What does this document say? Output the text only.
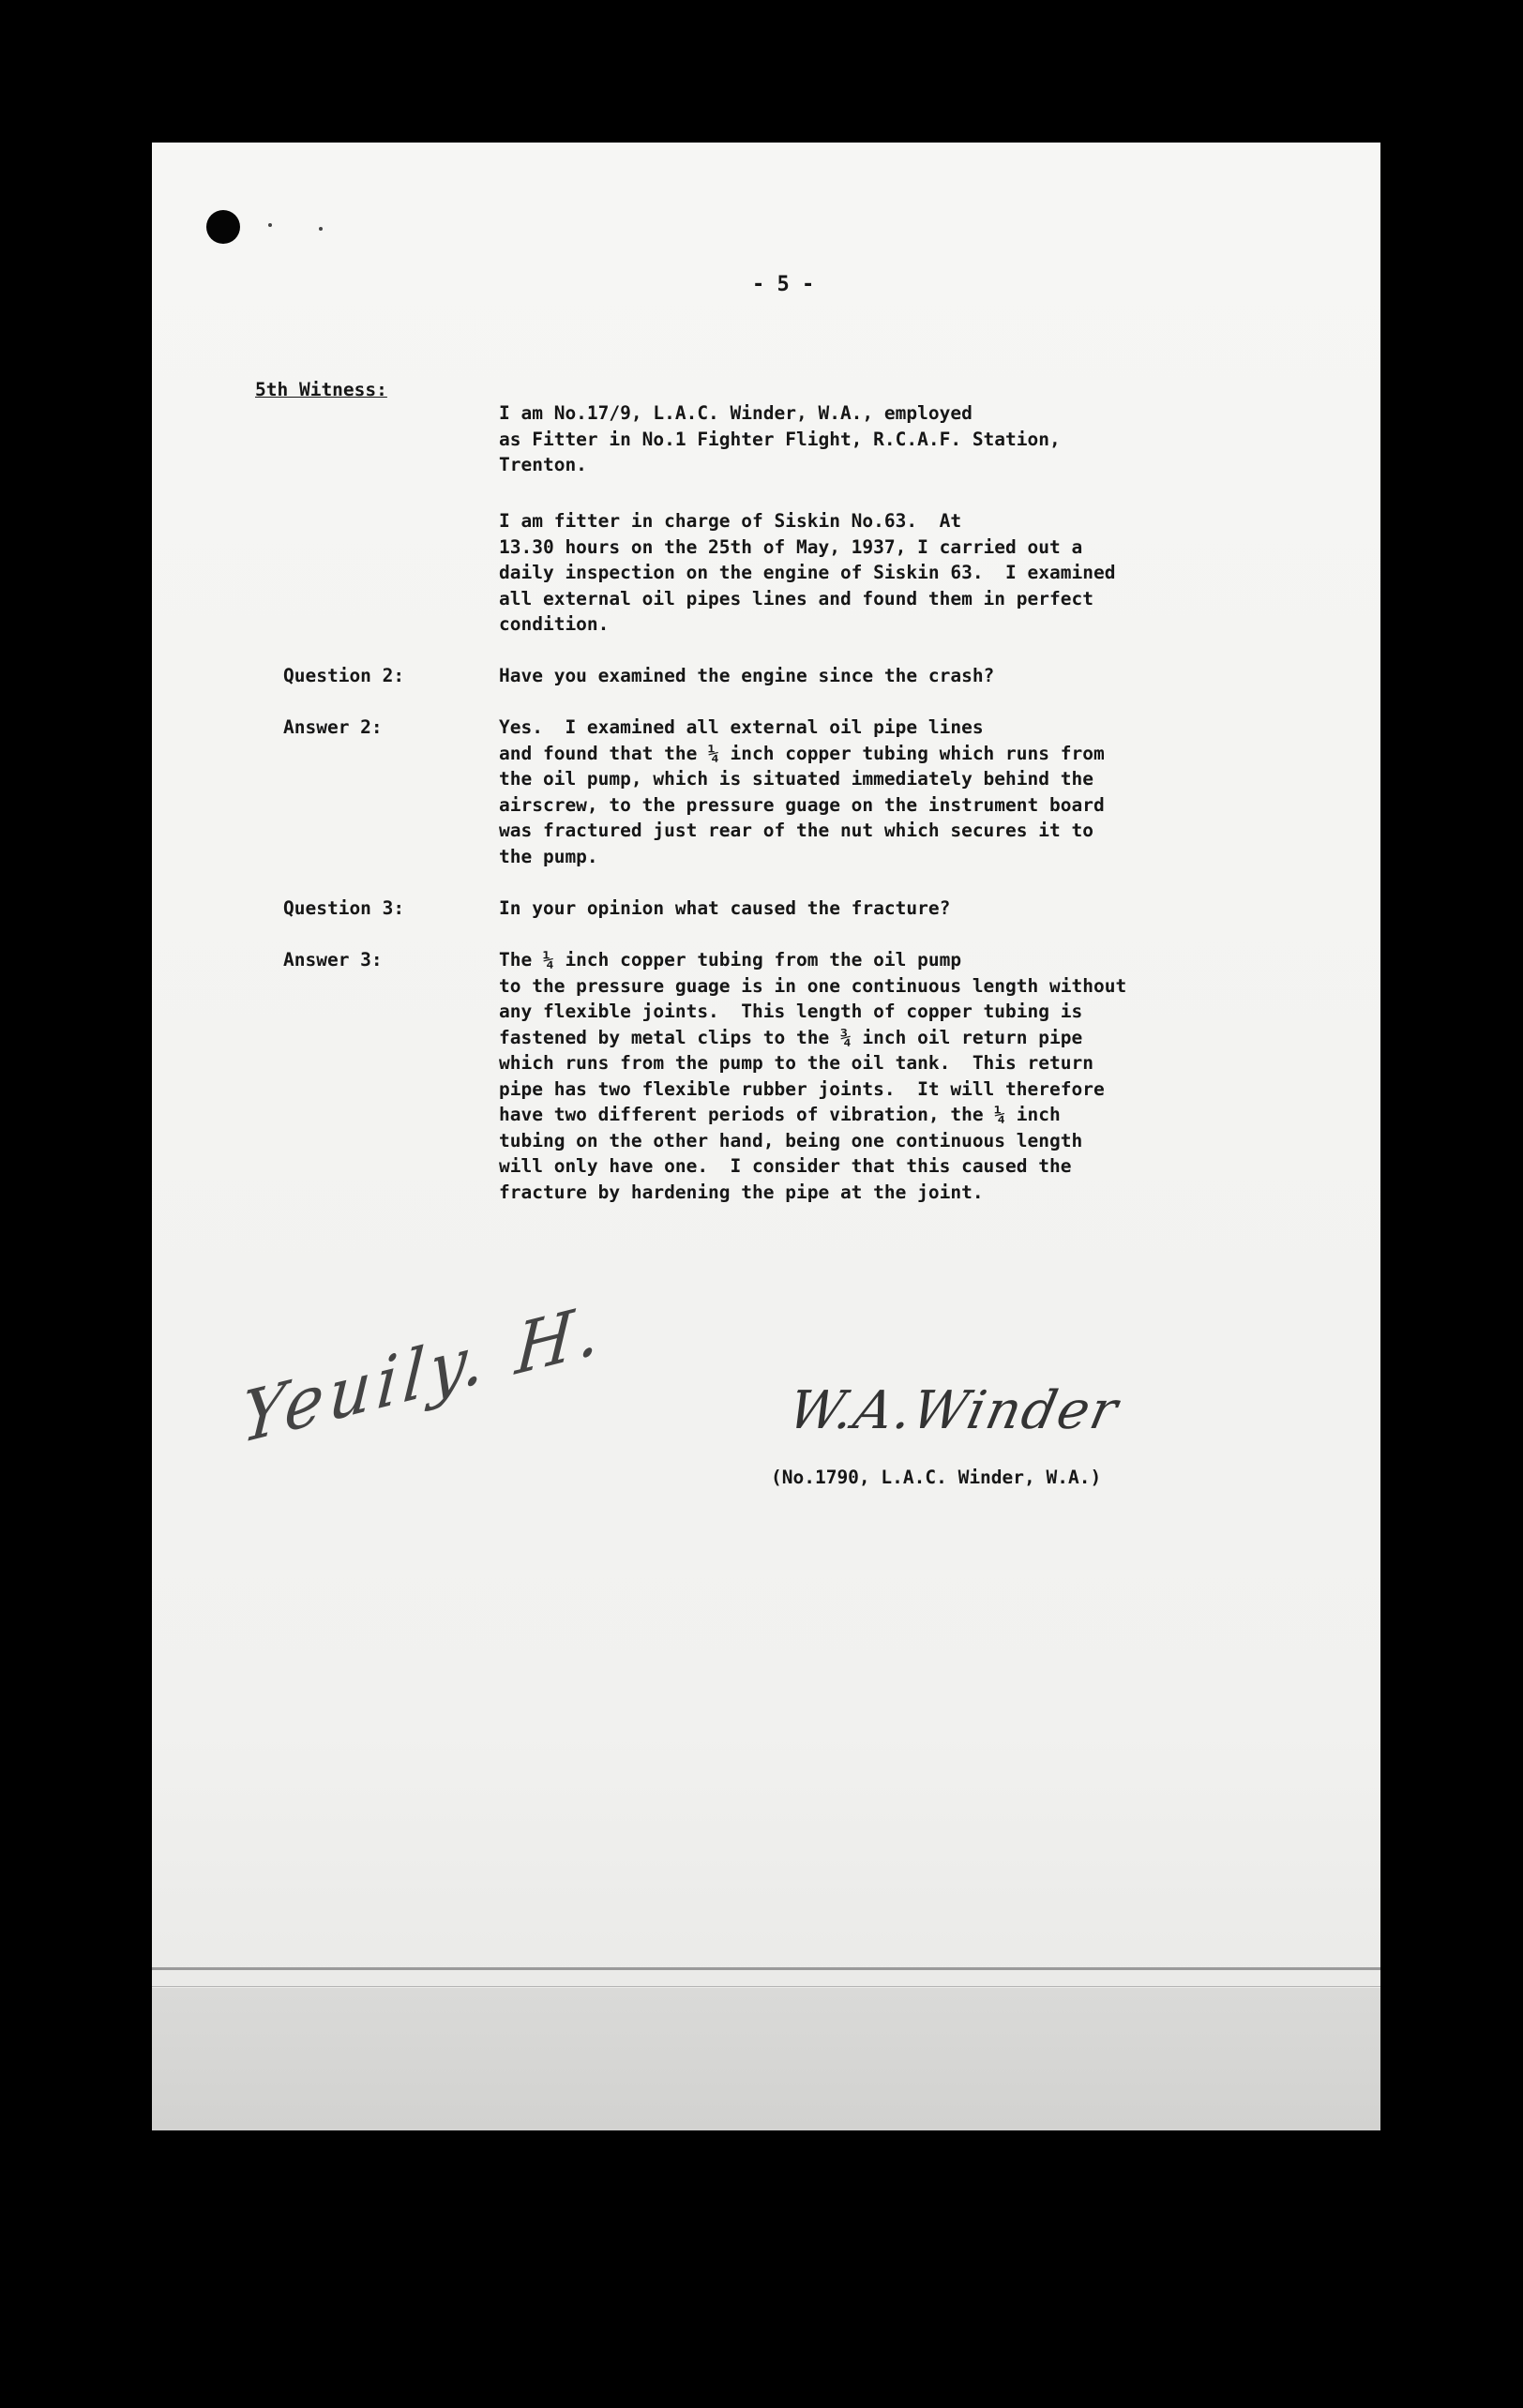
- 5 -

5th Witness:

I am No.17/9, L.A.C. Winder, W.A., employed
as Fitter in No.1 Fighter Flight, R.C.A.F. Station,
Trenton.

I am fitter in charge of Siskin No.63.  At
13.30 hours on the 25th of May, 1937, I carried out a
daily inspection on the engine of Siskin 63.  I examined
all external oil pipes lines and found them in perfect
condition.

Question 2:	Have you examined the engine since the crash?

Answer 2:	Yes.  I examined all external oil pipe lines
and found that the ¼ inch copper tubing which runs from
the oil pump, which is situated immediately behind the
airscrew, to the pressure guage on the instrument board
was fractured just rear of the nut which secures it to
the pump.

Question 3:	In your opinion what caused the fracture?

Answer 3:	The ¼ inch copper tubing from the oil pump
to the pressure guage is in one continuous length without
any flexible joints.  This length of copper tubing is
fastened by metal clips to the ¾ inch oil return pipe
which runs from the pump to the oil tank.  This return
pipe has two flexible rubber joints.  It will therefore
have two different periods of vibration, the ¼ inch
tubing on the other hand, being one continuous length
will only have one.  I consider that this caused the
fracture by hardening the pipe at the joint.

Yeuily. H.	W.A.Winder

(No.1790, L.A.C. Winder, W.A.)
